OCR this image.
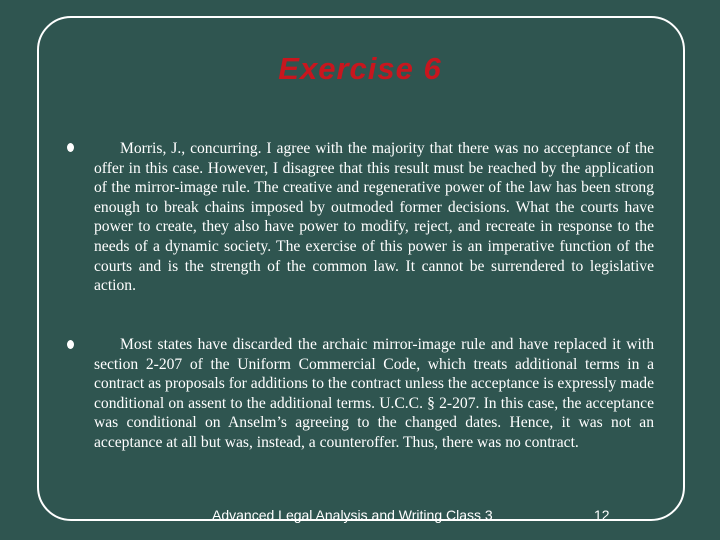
Exercise 6

Morris, J., concurring. I agree with the majority that there was no acceptance of the offer in this case. However, I disagree that this result must be reached by the application of the mirror-image rule. The creative and regenerative power of the law has been strong enough to break chains imposed by outmoded former decisions. What the courts have power to create, they also have power to modify, reject, and recreate in response to the needs of a dynamic society. The exercise of this power is an imperative function of the courts and is the strength of the common law. It cannot be surrendered to legislative action.

Most states have discarded the archaic mirror-image rule and have replaced it with section 2-207 of the Uniform Commercial Code, which treats additional terms in a contract as proposals for additions to the contract unless the acceptance is expressly made conditional on assent to the additional terms. U.C.C. § 2-207. In this case, the acceptance was conditional on Anselm’s agreeing to the changed dates. Hence, it was not an acceptance at all but was, instead, a counteroffer. Thus, there was no contract.

Advanced Legal Analysis and Writing Class 3	12
